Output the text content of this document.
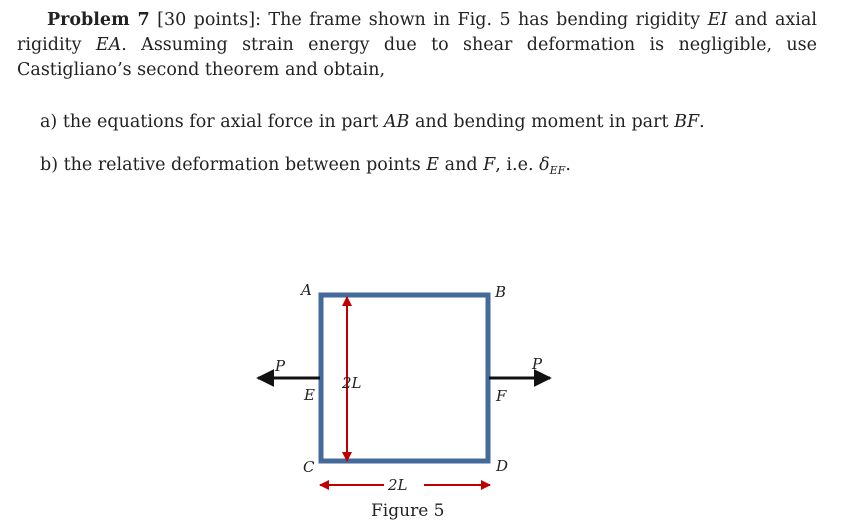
Problem 7 [30 points]: The frame shown in Fig. 5 has bending rigidity EI and axial rigidity EA. Assuming strain energy due to shear deformation is negligible, use Castigliano’s second theorem and obtain,
a) the equations for axial force in part AB and bending moment in part BF.
b) the relative deformation between points E and F, i.e. $\delta_{EF}$.
2L
2L
P	P
A	B
C	D
E	F
Figure 5
